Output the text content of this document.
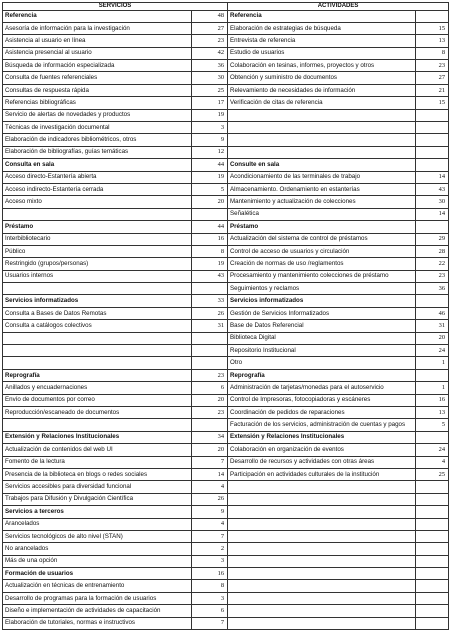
SERVICIOS		ACTIVIDADES	
Referencia	48	Referencia	
Asesoría de información para la investigación	27	Elaboración de estrategias de búsqueda	15
Asistencia al usuario en línea	23	Entrevista de referencia	13
Asistencia presencial al usuario	42	Estudio de usuarios	8
Búsqueda de información especializada	36	Colaboración en tesinas, informes, proyectos y otros	23
Consulta de fuentes referenciales	30	Obtención y suministro de documentos	27
Consultas de respuesta rápida	25	Relevamiento de necesidades de información	21
Referencias bibliográficas	17	Verificación de citas de referencia	15
Servicio de alertas de novedades y productos	19		
Técnicas de investigación documental	3		
Elaboración de indicadores bibliométricos, otros	9		
Elaboración de bibliografías, guías temáticas	12		
Consulta en sala	44	Consulte en sala	
Acceso directo-Estantería abierta	19	Acondicionamiento de las terminales de trabajo	14
Acceso indirecto-Estantería cerrada	5	Almacenamiento. Ordenamiento en estanterías	43
Acceso mixto	20	Mantenimiento y actualización de colecciones	30
		Señalética	14
Préstamo	44	Préstamo	
Interbibliotecario	16	Actualización del sistema de control de préstamos	29
Público	8	Control de acceso de usuarios y circulación	28
Restringido (grupos/personas)	19	Creación de normas de uso /reglamentos	22
Usuarios internos	43	Procesamiento y mantenimiento colecciones de préstamo	23
		Seguimientos y reclamos	36
Servicios informatizados	33	Servicios informatizados	
Consulta a Bases de Datos Remotas	26	Gestión de Servicios Informatizados	46
Consulta a catálogos colectivos	31	Base de Datos Referencial	31
		Biblioteca Digital	20
		Repositorio Institucional	24
		Otro	1
Reprografía	23	Reprografía	
Anillados y encuadernaciones	6	Administración de tarjetas/monedas para el autoservicio	1
Envío de documentos por correo	20	Control de Impresoras, fotocopiadoras y escáneres	16
Reproducción/escaneado de documentos	23	Coordinación de pedidos de reparaciones	13
		Facturación de los servicios, administración de cuentas y pagos	5
Extensión y Relaciones Institucionales	34	Extensión y Relaciones Institucionales	
Actualización de contenidos del web UI	20	Colaboración en organización de eventos	24
Fomento de la lectura	7	Desarrollo de recursos y actividades con otras áreas	4
Presencia de la biblioteca en blogs o redes sociales	14	Participación en actividades culturales de la institución	25
Servicios accesibles para diversidad funcional	4		
Trabajos para Difusión y Divulgación Científica	26		
Servicios a terceros	9		
Arancelados	4		
Servicios tecnológicos de alto nivel (STAN)	7		
No arancelados	2		
Más de una opción	3		
Formación de usuarios	16		
Actualización en técnicas de entrenamiento	8		
Desarrollo de programas para la formación de usuarios	3		
Diseño e implementación de actividades de capacitación	6		
Elaboración de tutoriales, normas e instructivos	7		
